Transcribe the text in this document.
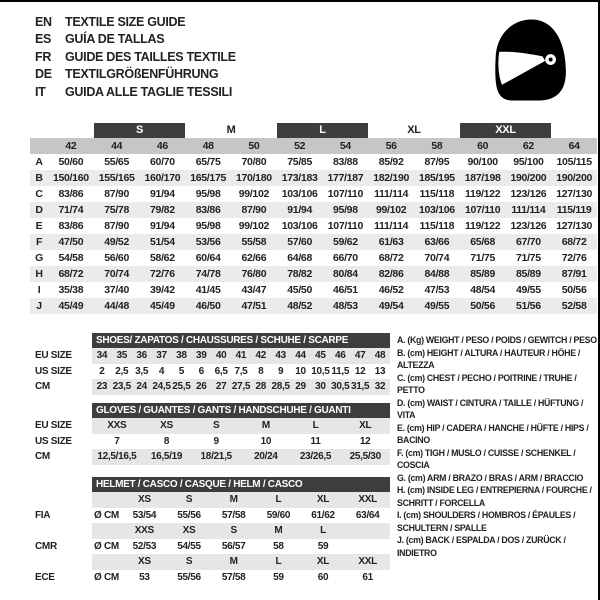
EN	TEXTILE SIZE GUIDE
ES	GUÍA DE TALLAS
FR	GUIDE DES TAILLES TEXTILE
DE	TEXTILGRÖßENFÜHRUNG
IT	GUIDA ALLE TAGLIE TESSILI
S	M	L	XL	XXL
42	44	46	48	50	52	54	56	58	60	62	64
A	50/60	55/65	60/70	65/75	70/80	75/85	83/88	85/92	87/95	90/100	95/100	105/115
B 150/160 155/165 160/170 165/175 170/180 173/183 177/187 182/190 185/195 187/198 190/200 190/200
C	83/86	87/90	91/94	95/98	99/102	103/106 107/110	111/114	115/118	119/122 123/126 127/130
D	71/74	75/78	79/82	83/86	87/90	91/94	95/98	99/102	103/106 107/110	111/114	115/119
E	83/86	87/90	91/94	95/98	99/102	103/106 107/110	111/114	115/118	119/122 123/126 127/130
F	47/50	49/52	51/54	53/56	55/58	57/60	59/62	61/63	63/66	65/68	67/70	68/72
G	54/58	56/60	58/62	60/64	62/66	64/68	66/70	68/72	70/74	71/75	71/75	72/76
H	68/72	70/74	72/76	74/78	76/80	78/82	80/84	82/86	84/88	85/89	85/89	87/91
I	35/38	37/40	39/42	41/45	43/47	45/50	46/51	46/52	47/53	48/54	49/55	50/56
J	45/49	44/48	45/49	46/50	47/51	48/52	48/53	49/54	49/55	50/56	51/56	52/58
SHOES/ ZAPATOS / CHAUSSURES / SCHUHE / SCARPE
EU SIZE	34 35 36 37 38 39 40 41 42 43 44 45 46 47 48
US SIZE	2	2,5 3,5	4	5	6	6,5 7,5	8	9	10 10,5 11,5 12 13
CM	23 23,5 24 24,5 25,5 26 27 27,5 28 28,5 29 30 30,5 31,5 32
GLOVES / GUANTES / GANTS / HANDSCHUHE / GUANTI
EU SIZE	XXS	XS	S	M	L	XL
US SIZE	7	8	9	10	11	12
CM	12,5/16,5	16,5/19	18/21,5	20/24	23/26,5	25,5/30
HELMET / CASCO / CASQUE / HELM / CASCO
XS	S	M	L	XL	XXL
FIA	Ø CM	53/54	55/56	57/58	59/60	61/62	63/64
XXS	XS	S	M	L
CMR	Ø CM	52/53	54/55	56/57	58	59
XS	S	M	L	XL	XXL
ECE	Ø CM	53	55/56	57/58	59	60	61
A. (Kg) WEIGHT / PESO / POIDS / GEWITCH / PESO
B. (cm) HEIGHT / ALTURA / HAUTEUR / HÖHE / ALTEZZA
C. (cm) CHEST / PECHO / POITRINE / TRUHE / PETTO
D. (cm) WAIST / CINTURA / TAILLE / HÜFTUNG / VITA
E. (cm) HIP / CADERA / HANCHE / HÜFTE / HIPS / BACINO
F. (cm) TIGH / MUSLO / CUISSE / SCHENKEL / COSCIA
G. (cm) ARM / BRAZO / BRAS / ARM / BRACCIO
H. (cm) INSIDE LEG / ENTREPIERNA / FOURCHE / SCHRITT / FORCELLA
I. (cm) SHOULDERS / HOMBROS / ÉPAULES / SCHULTERN / SPALLE
J. (cm) BACK / ESPALDA / DOS / ZURÜCK / INDIETRO
